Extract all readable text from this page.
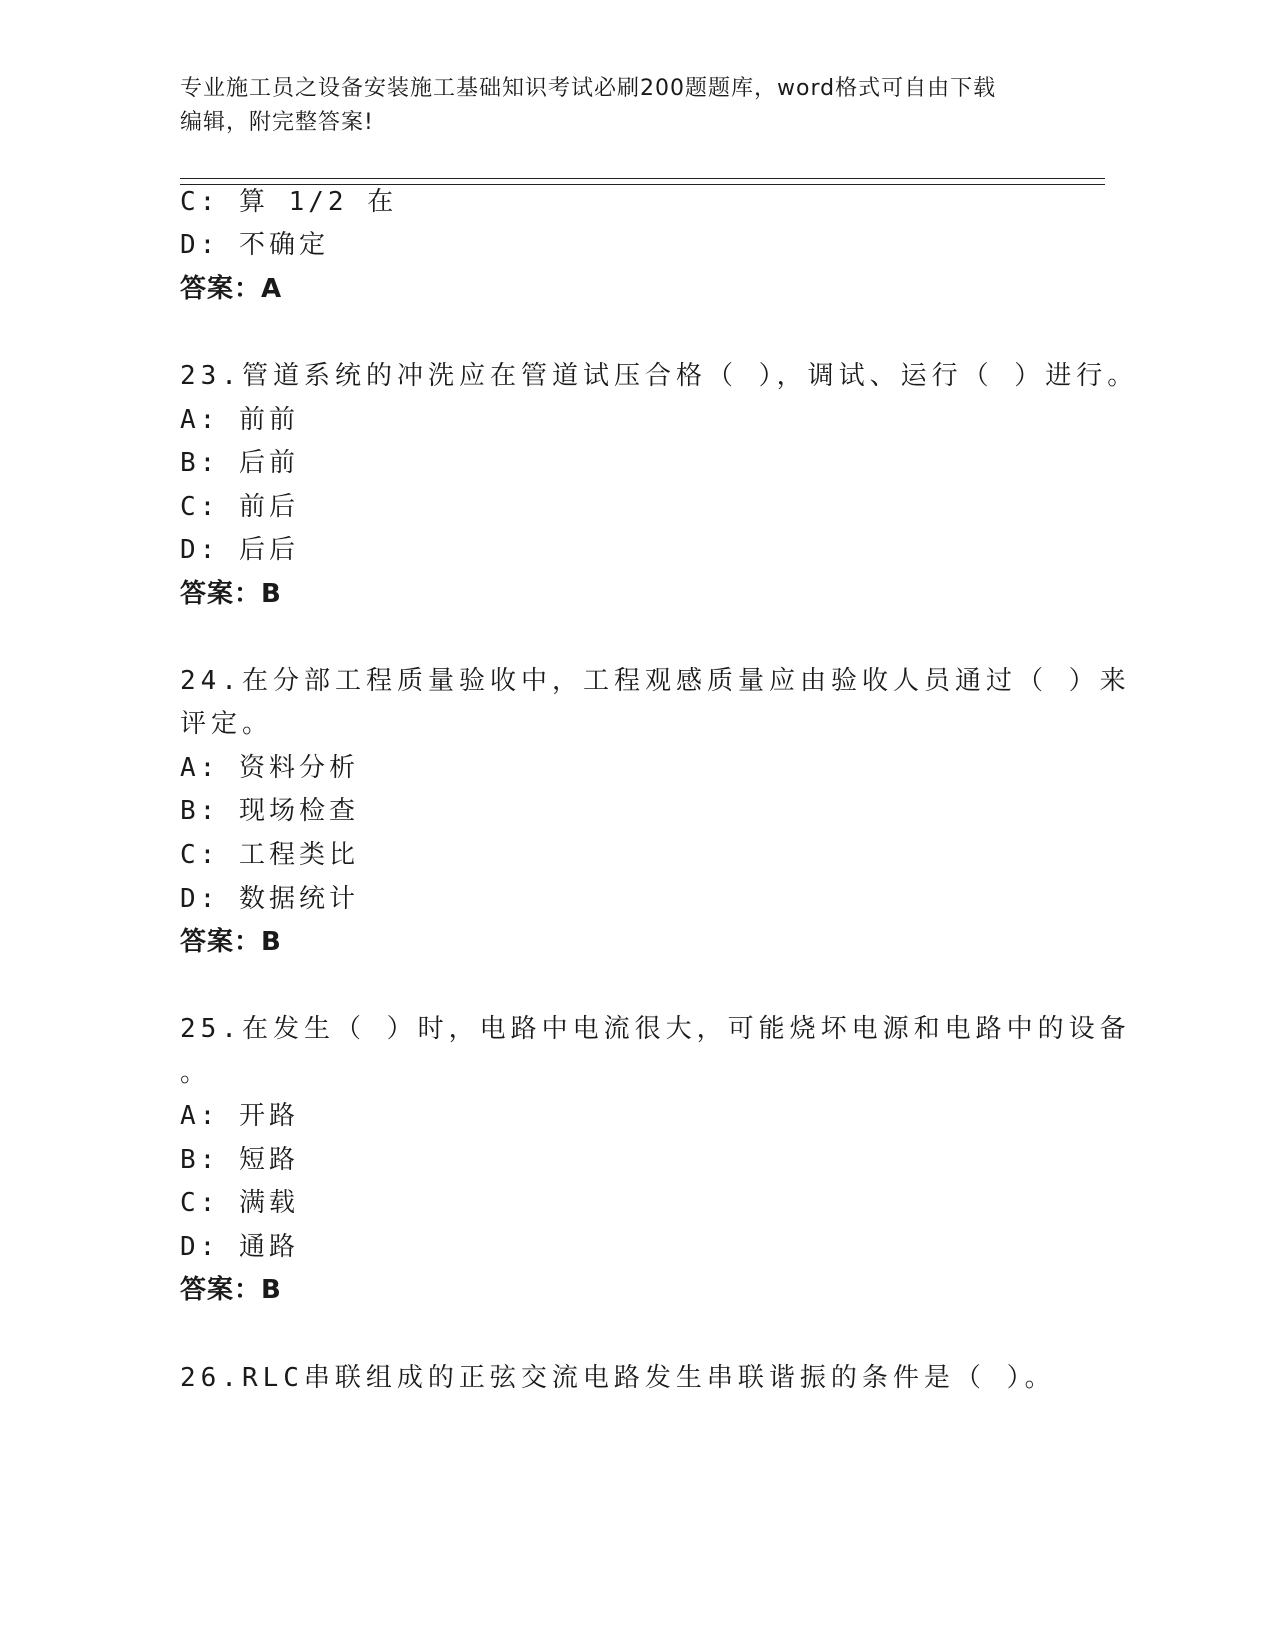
专业施工员之设备安装施工基础知识考试必刷200题题库，word格式可自由下载
编辑，附完整答案!
C: 算 1/2 在
D: 不确定
答案：A
23.管道系统的冲洗应在管道试压合格（ ），调试、运行（ ）进行。
A: 前前
B: 后前
C: 前后
D: 后后
答案：B
24.在分部工程质量验收中，工程观感质量应由验收人员通过（ ）来
评定。
A: 资料分析
B: 现场检查
C: 工程类比
D: 数据统计
答案：B
25.在发生（ ）时，电路中电流很大，可能烧坏电源和电路中的设备
。
A: 开路
B: 短路
C: 满载
D: 通路
答案：B
26.RLC串联组成的正弦交流电路发生串联谐振的条件是（ ）。
